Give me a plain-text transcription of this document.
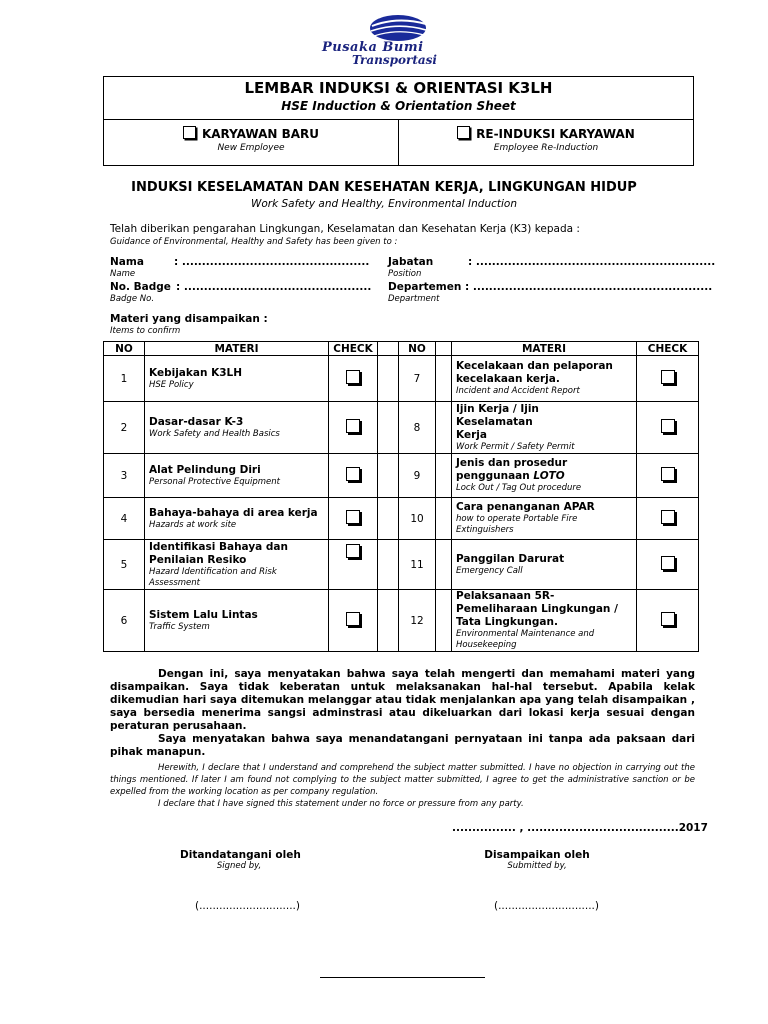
Pusaka Bumi
Transportasi
LEMBAR INDUKSI & ORIENTASI K3LH
HSE Induction & Orientation Sheet
KARYAWAN BARU
New Employee
RE-INDUKSI KARYAWAN
Employee Re-Induction
INDUKSI KESELAMATAN DAN KESEHATAN KERJA, LINGKUNGAN HIDUP
Work Safety and Healthy, Environmental Induction
Telah diberikan pengarahan Lingkungan, Keselamatan dan Kesehatan Kerja (K3) kepada :
Guidance of Environmental, Healthy and Safety has been given to :
Nama	: ...............................................
Name
Jabatan	: ............................................................
Position
No. Badge : ...............................................
Badge No.
Departemen : ............................................................
Department
Materi yang disampaikan :
Items to confirm
NO	MATERI	CHECK		NO		MATERI	CHECK
1	Kebijakan K3LH
HSE Policy			7		Kecelakaan dan pelaporan kecelakaan kerja.
Incident and Accident Report	

2	Dasar-dasar K-3
Work Safety and Health Basics			8		Ijin Kerja / Ijin Keselamatan Kerja
Work Permit / Safety Permit	

3	Alat Pelindung Diri
Personal Protective Equipment			9		Jenis dan prosedur penggunaan LOTO
Lock Out / Tag Out procedure	

4	Bahaya-bahaya di area kerja
Hazards at work site			10		Cara penanganan APAR
how to operate Portable Fire Extinguishers	

5	Identifikasi Bahaya dan Penilaian Resiko
Hazard Identification and Risk Assessment			11		Panggilan Darurat
Emergency Call	

6	Sistem Lalu Lintas
Traffic System			12		Pelaksanaan 5R- Pemeliharaan Lingkungan / Tata Lingkungan.
Environmental Maintenance and Housekeeping	

Dengan ini, saya menyatakan bahwa saya telah mengerti dan memahami materi yang disampaikan. Saya tidak keberatan untuk melaksanakan hal-hal tersebut. Apabila kelak dikemudian hari saya ditemukan melanggar atau tidak menjalankan apa yang telah disampaikan , saya bersedia menerima sangsi adminstrasi atau dikeluarkan dari lokasi kerja sesuai dengan peraturan perusahaan.

Saya menyatakan bahwa saya menandatangani pernyataan ini tanpa ada paksaan dari pihak manapun.

Herewith, I declare that I understand and comprehend the subject matter submitted. I have no objection in carrying out the things mentioned. If later I am found not complying to the subject matter submitted, I agree to get the administrative sanction or be expelled from the working location as per company regulation.

I declare that I have signed this statement under no force or pressure from any party.

................ , ......................................2017
Ditandatangani oleh
Signed by,
Disampaikan oleh
Submitted by,
(.............................)	(.............................)
